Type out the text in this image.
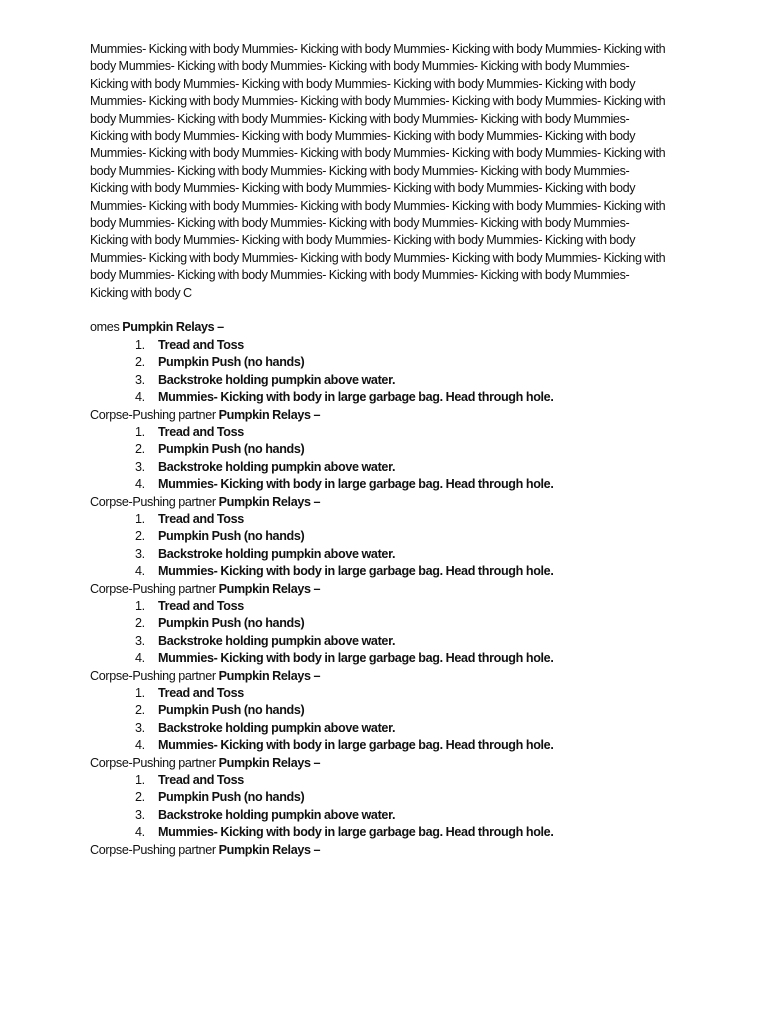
Mummies- Kicking with body Mummies- Kicking with body Mummies- Kicking with body Mummies- Kicking with body Mummies- Kicking with body Mummies- Kicking with body Mummies- Kicking with body Mummies- Kicking with body Mummies- Kicking with body Mummies- Kicking with body Mummies- Kicking with body Mummies- Kicking with body Mummies- Kicking with body Mummies- Kicking with body Mummies- Kicking with body Mummies- Kicking with body Mummies- Kicking with body Mummies- Kicking with body Mummies- Kicking with body Mummies- Kicking with body Mummies- Kicking with body Mummies- Kicking with body Mummies- Kicking with body Mummies- Kicking with body Mummies- Kicking with body Mummies- Kicking with body Mummies- Kicking with body Mummies- Kicking with body Mummies- Kicking with body Mummies- Kicking with body Mummies- Kicking with body Mummies- Kicking with body Mummies- Kicking with body Mummies- Kicking with body Mummies- Kicking with body Mummies- Kicking with body Mummies- Kicking with body Mummies- Kicking with body Mummies- Kicking with body Mummies- Kicking with body Mummies- Kicking with body Mummies- Kicking with body Mummies- Kicking with body Mummies- Kicking with body Mummies- Kicking with body Mummies- Kicking with body Mummies- Kicking with body Mummies- Kicking with body Mummies- Kicking with body Mummies- Kicking with body Mummies- Kicking with body Mummies- Kicking with body C

omes Pumpkin Relays –

1. Tread and Toss
2. Pumpkin Push (no hands)
3. Backstroke holding pumpkin above water.
4. Mummies- Kicking with body in large garbage bag. Head through hole.

Corpse-Pushing partner Pumpkin Relays –

1. Tread and Toss
2. Pumpkin Push (no hands)
3. Backstroke holding pumpkin above water.
4. Mummies- Kicking with body in large garbage bag. Head through hole.

Corpse-Pushing partner Pumpkin Relays –

1. Tread and Toss
2. Pumpkin Push (no hands)
3. Backstroke holding pumpkin above water.
4. Mummies- Kicking with body in large garbage bag. Head through hole.

Corpse-Pushing partner Pumpkin Relays –

1. Tread and Toss
2. Pumpkin Push (no hands)
3. Backstroke holding pumpkin above water.
4. Mummies- Kicking with body in large garbage bag. Head through hole.

Corpse-Pushing partner Pumpkin Relays –

1. Tread and Toss
2. Pumpkin Push (no hands)
3. Backstroke holding pumpkin above water.
4. Mummies- Kicking with body in large garbage bag. Head through hole.

Corpse-Pushing partner Pumpkin Relays –

1. Tread and Toss
2. Pumpkin Push (no hands)
3. Backstroke holding pumpkin above water.
4. Mummies- Kicking with body in large garbage bag. Head through hole.

Corpse-Pushing partner Pumpkin Relays –
